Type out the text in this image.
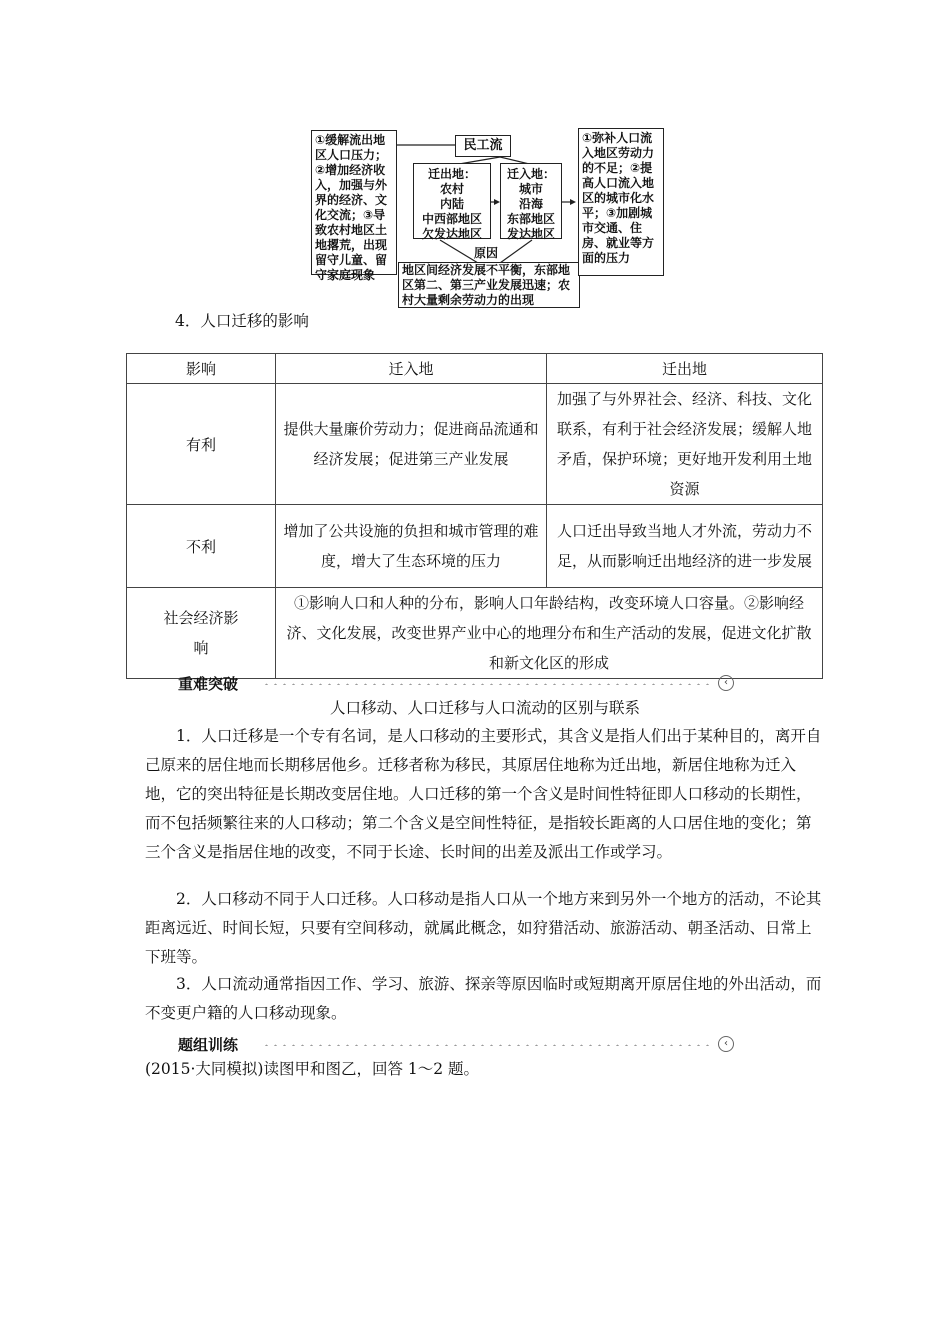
①缓解流出地区人口压力；②增加经济收入，加强与外界的经济、文化交流；③导致农村地区土地撂荒，出现留守儿童、留守家庭现象
民工流
迁出地：
农村
内陆
中西部地区
欠发达地区
迁入地：
城市
沿海
东部地区
发达地区
原因
地区间经济发展不平衡，东部地区第二、第三产业发展迅速；农村大量剩余劳动力的出现
①弥补人口流入地区劳动力的不足；②提高人口流入地区的城市化水平；③加剧城市交通、住房、就业等方面的压力
4．人口迁移的影响
影响	迁入地	迁出地
有利	提供大量廉价劳动力；促进商品流通和经济发展；促进第三产业发展	加强了与外界社会、经济、科技、文化联系，有利于社会经济发展；缓解人地矛盾，保护环境；更好地开发利用土地资源
不利	增加了公共设施的负担和城市管理的难度，增大了生态环境的压力	人口迁出导致当地人才外流，劳动力不足，从而影响迁出地经济的进一步发展
社会经济影响	①影响人口和人种的分布，影响人口年龄结构，改变环境人口容量。②影响经济、文化发展，改变世界产业中心的地理分布和生产活动的发展，促进文化扩散和新文化区的形成	
重难突破	‹
人口移动、人口迁移与人口流动的区别与联系
1．人口迁移是一个专有名词，是人口移动的主要形式，其含义是指人们出于某种目的，离开自己原来的居住地而长期移居他乡。迁移者称为移民，其原居住地称为迁出地，新居住地称为迁入地，它的突出特征是长期改变居住地。人口迁移的第一个含义是时间性特征即人口移动的长期性，而不包括频繁往来的人口移动；第二个含义是空间性特征，是指较长距离的人口居住地的变化；第三个含义是指居住地的改变，不同于长途、长时间的出差及派出工作或学习。
2．人口移动不同于人口迁移。人口移动是指人口从一个地方来到另外一个地方的活动，不论其距离远近、时间长短，只要有空间移动，就属此概念，如狩猎活动、旅游活动、朝圣活动、日常上下班等。
3．人口流动通常指因工作、学习、旅游、探亲等原因临时或短期离开原居住地的外出活动，而不变更户籍的人口移动现象。
题组训练	‹
(2015·大同模拟)读图甲和图乙，回答 1～2 题。
